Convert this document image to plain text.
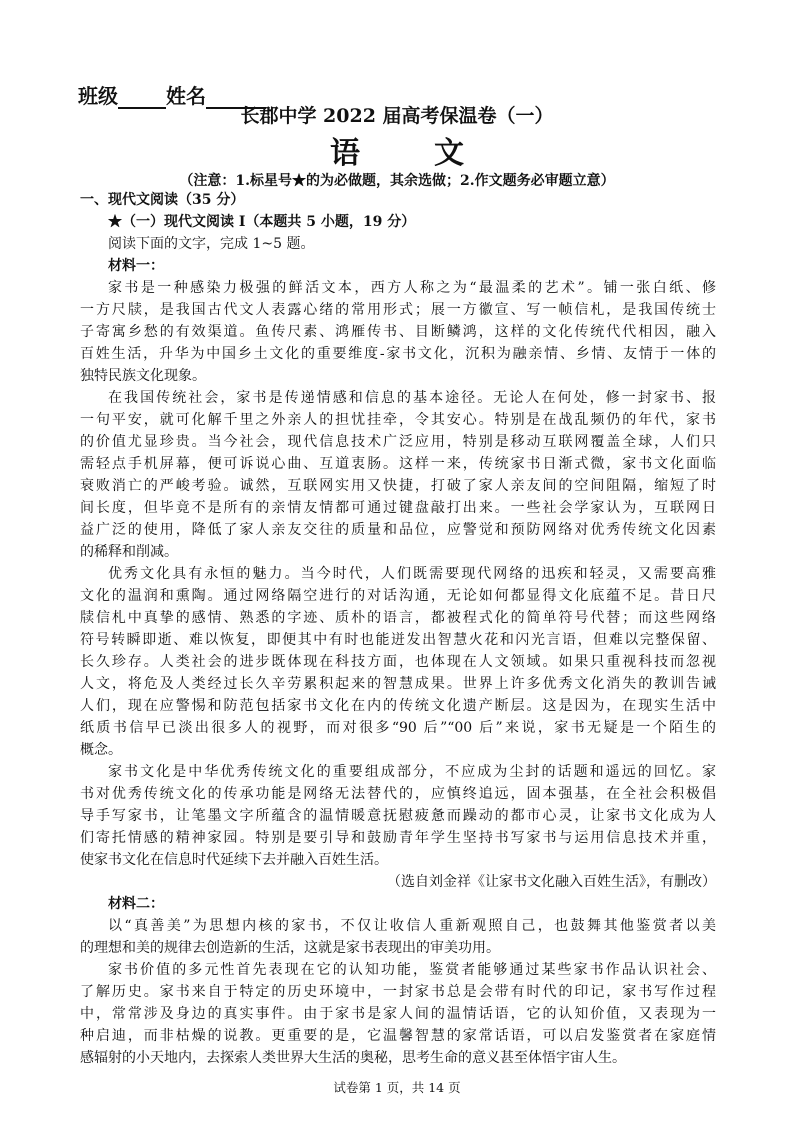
班级 姓名
长郡中学 2022 届高考保温卷（一）
语　文
（注意：1.标星号★的为必做题，其余选做；2.作文题务必审题立意）
一、现代文阅读（35 分）
★（一）现代文阅读 I（本题共 5 小题，19 分）
阅读下面的文字，完成 1~5 题。
材料一：
家书是一种感染力极强的鲜活文本，西方人称之为“最温柔的艺术”。铺一张白纸、修
一方尺牍，是我国古代文人表露心绪的常用形式；展一方徽宣、写一帧信札，是我国传统士
子寄寓乡愁的有效渠道。鱼传尺素、鸿雁传书、目断鳞鸿，这样的文化传统代代相因，融入
百姓生活，升华为中国乡土文化的重要维度-家书文化，沉积为融亲情、乡情、友情于一体的
独特民族文化现象。
在我国传统社会，家书是传递情感和信息的基本途径。无论人在何处，修一封家书、报
一句平安，就可化解千里之外亲人的担忧挂牵，令其安心。特别是在战乱频仍的年代，家书
的价值尤显珍贵。当今社会，现代信息技术广泛应用，特别是移动互联网覆盖全球，人们只
需轻点手机屏幕，便可诉说心曲、互道衷肠。这样一来，传统家书日渐式微，家书文化面临
衰败消亡的严峻考验。诚然，互联网实用又快捷，打破了家人亲友间的空间阻隔，缩短了时
间长度，但毕竟不是所有的亲情友情都可通过键盘敲打出来。一些社会学家认为，互联网日
益广泛的使用，降低了家人亲友交往的质量和品位，应警觉和预防网络对优秀传统文化因素
的稀释和削减。
优秀文化具有永恒的魅力。当今时代，人们既需要现代网络的迅疾和轻灵，又需要高雅
文化的温润和熏陶。通过网络隔空进行的对话沟通，无论如何都显得文化底蕴不足。昔日尺
牍信札中真挚的感情、熟悉的字迹、质朴的语言，都被程式化的简单符号代替；而这些网络
符号转瞬即逝、难以恢复，即便其中有时也能迸发出智慧火花和闪光言语，但难以完整保留、
长久珍存。人类社会的进步既体现在科技方面，也体现在人文领域。如果只重视科技而忽视
人文，将危及人类经过长久辛劳累积起来的智慧成果。世界上许多优秀文化消失的教训告诫
人们，现在应警惕和防范包括家书文化在内的传统文化遗产断层。这是因为，在现实生活中
纸质书信早已淡出很多人的视野，而对很多“90 后”“00 后”来说，家书无疑是一个陌生的
概念。
家书文化是中华优秀传统文化的重要组成部分，不应成为尘封的话题和遥远的回忆。家
书对优秀传统文化的传承功能是网络无法替代的，应慎终追远，固本强基，在全社会积极倡
导手写家书，让笔墨文字所蕴含的温情暖意抚慰疲惫而躁动的都市心灵，让家书文化成为人
们寄托情感的精神家园。特别是要引导和鼓励青年学生坚持书写家书与运用信息技术并重，
使家书文化在信息时代延续下去并融入百姓生活。
（选自刘金祥《让家书文化融入百姓生活》，有删改）
材料二：
以“真善美”为思想内核的家书，不仅让收信人重新观照自己，也鼓舞其他鉴赏者以美
的理想和美的规律去创造新的生活，这就是家书表现出的审美功用。
家书价值的多元性首先表现在它的认知功能，鉴赏者能够通过某些家书作品认识社会、
了解历史。家书来自于特定的历史环境中，一封家书总是会带有时代的印记，家书写作过程
中，常常涉及身边的真实事件。由于家书是家人间的温情话语，它的认知价值，又表现为一
种启迪，而非枯燥的说教。更重要的是，它温馨智慧的家常话语，可以启发鉴赏者在家庭情
感辐射的小天地内，去探索人类世界大生活的奥秘，思考生命的意义甚至体悟宇宙人生。
试卷第 1 页，共 14 页
